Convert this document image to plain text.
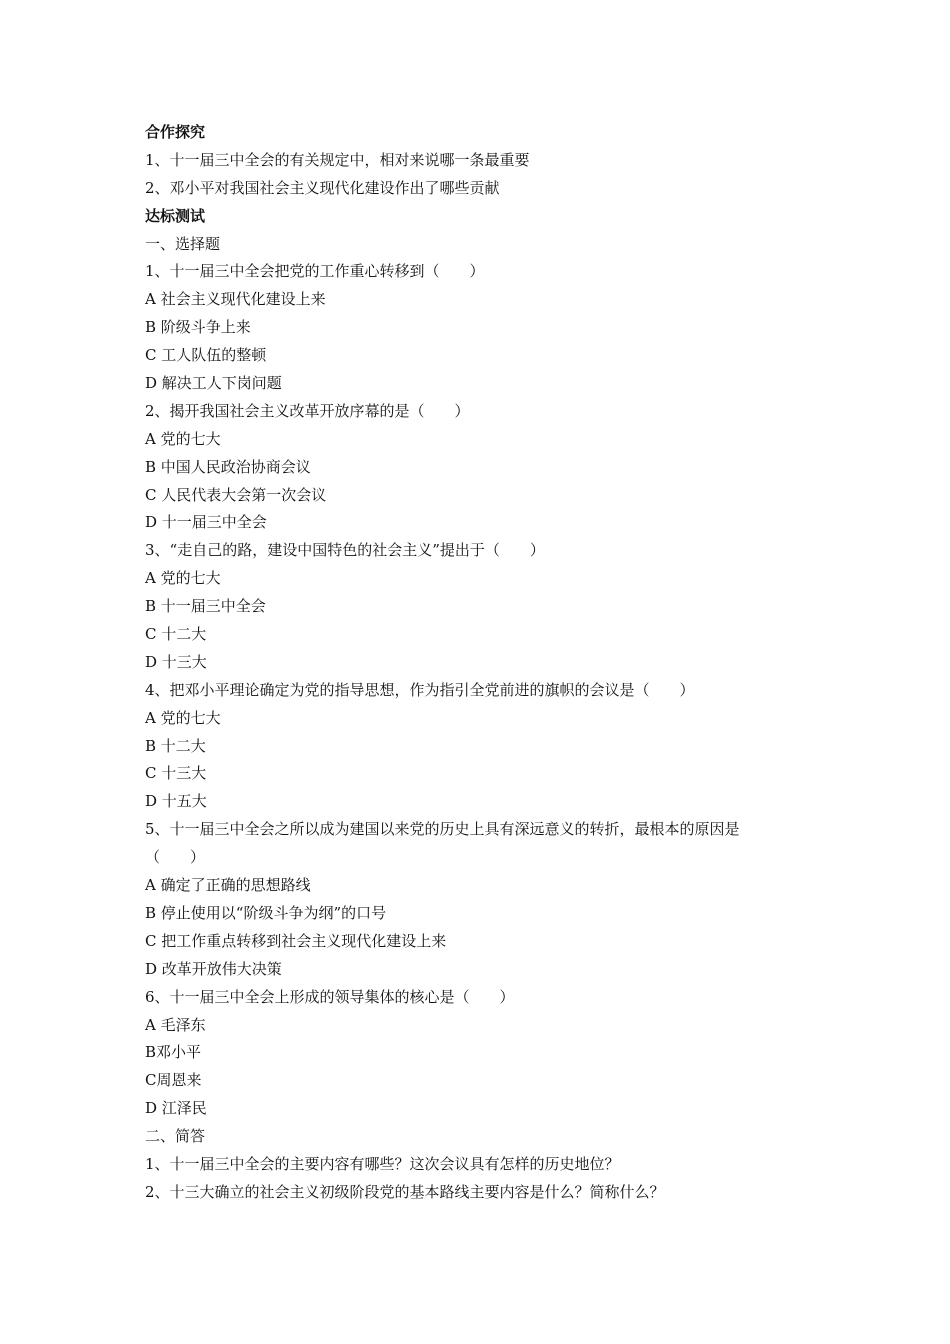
合作探究
1、十一届三中全会的有关规定中，相对来说哪一条最重要
2、邓小平对我国社会主义现代化建设作出了哪些贡献
达标测试
一、选择题
1、十一届三中全会把党的工作重心转移到（　　）
A 社会主义现代化建设上来
B 阶级斗争上来
C 工人队伍的整顿
D 解决工人下岗问题
2、揭开我国社会主义改革开放序幕的是（　　）
A 党的七大
B 中国人民政治协商会议
C 人民代表大会第一次会议
D 十一届三中全会
3、“走自己的路，建设中国特色的社会主义”提出于（　　）
A 党的七大
B 十一届三中全会
C 十二大
D 十三大
4、把邓小平理论确定为党的指导思想，作为指引全党前进的旗帜的会议是（　　）
A 党的七大
B 十二大
C 十三大
D 十五大
5、十一届三中全会之所以成为建国以来党的历史上具有深远意义的转折，最根本的原因是
（　　）
A 确定了正确的思想路线
B 停止使用以“阶级斗争为纲”的口号
C 把工作重点转移到社会主义现代化建设上来
D 改革开放伟大决策
6、十一届三中全会上形成的领导集体的核心是（　　）
A 毛泽东
B邓小平
C周恩来
D 江泽民
二、简答
1、十一届三中全会的主要内容有哪些？这次会议具有怎样的历史地位？
2、十三大确立的社会主义初级阶段党的基本路线主要内容是什么？简称什么？
